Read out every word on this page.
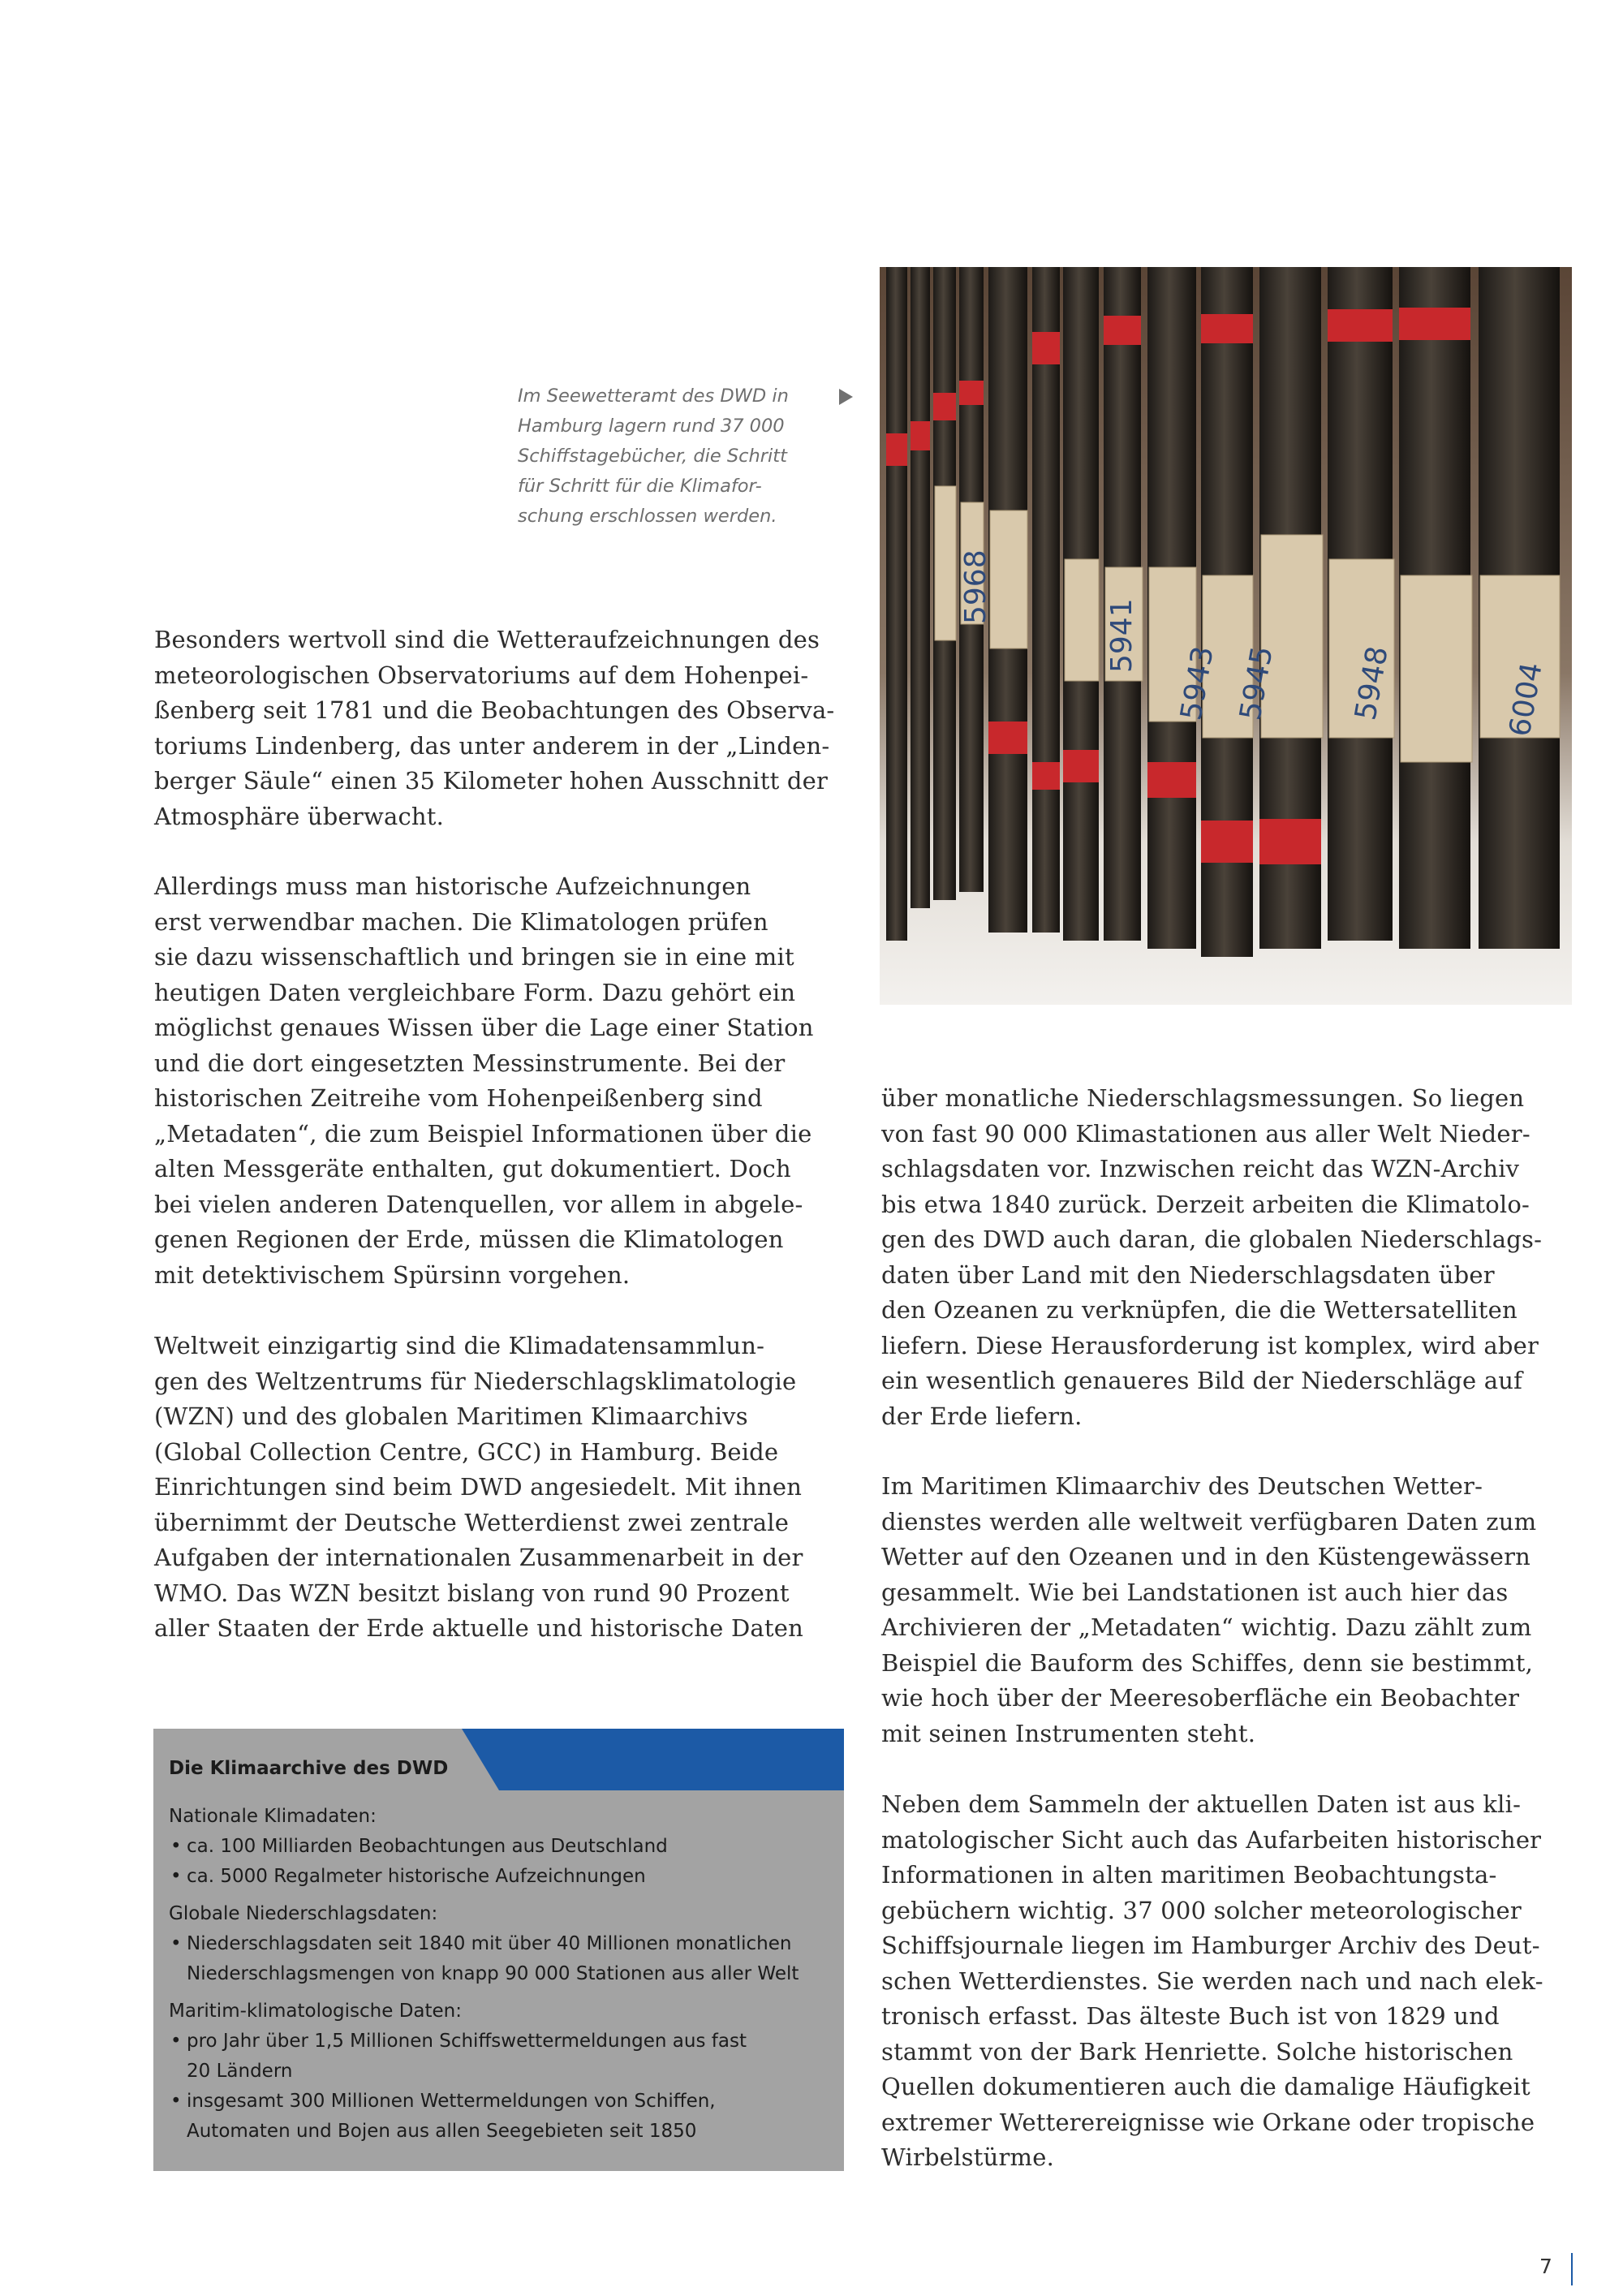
Im Seewetteramt des DWD in
Hamburg lagern rund 37 000
Schiffstagebücher, die Schritt
für Schritt für die Klimafor-
schung erschlossen werden.
5968
5941
5943 5945 5948	6004

Besonders wertvoll sind die Wetteraufzeichnungen des
meteorologischen Observatoriums auf dem Hohenpei-
ßenberg seit 1781 und die Beobachtungen des Observa-
toriums Lindenberg, das unter anderem in der „Linden-
berger Säule“ einen 35 Kilometer hohen Ausschnitt der
Atmosphäre überwacht.

Allerdings muss man historische Aufzeichnungen
erst verwendbar machen. Die Klimatologen prüfen
sie dazu wissenschaftlich und bringen sie in eine mit
heutigen Daten vergleichbare Form. Dazu gehört ein
möglichst genaues Wissen über die Lage einer Station
und die dort eingesetzten Messinstrumente. Bei der
historischen Zeitreihe vom Hohenpeißenberg sind
„Metadaten“, die zum Beispiel Informationen über die
alten Messgeräte enthalten, gut dokumentiert. Doch
bei vielen anderen Datenquellen, vor allem in abgele-
genen Regionen der Erde, müssen die Klimatologen
mit detektivischem Spürsinn vorgehen.

Weltweit einzigartig sind die Klimadatensammlun-
gen des Weltzentrums für Niederschlagsklimatologie
(WZN) und des globalen Maritimen Klimaarchivs
(Global Collection Centre, GCC) in Hamburg. Beide
Einrichtungen sind beim DWD angesiedelt. Mit ihnen
übernimmt der Deutsche Wetterdienst zwei zentrale
Aufgaben der internationalen Zusammenarbeit in der
WMO. Das WZN besitzt bislang von rund 90 Prozent
aller Staaten der Erde aktuelle und historische Daten

über monatliche Niederschlagsmessungen. So liegen
von fast 90 000 Klimastationen aus aller Welt Nieder-
schlagsdaten vor. Inzwischen reicht das WZN-Archiv
bis etwa 1840 zurück. Derzeit arbeiten die Klimatolo-
gen des DWD auch daran, die globalen Niederschlags-
daten über Land mit den Niederschlagsdaten über
den Ozeanen zu verknüpfen, die die Wettersatelliten
liefern. Diese Herausforderung ist komplex, wird aber
ein wesentlich genaueres Bild der Niederschläge auf
der Erde liefern.

Im Maritimen Klimaarchiv des Deutschen Wetter-
dienstes werden alle weltweit verfügbaren Daten zum
Wetter auf den Ozeanen und in den Küstengewässern
gesammelt. Wie bei Landstationen ist auch hier das
Archivieren der „Metadaten“ wichtig. Dazu zählt zum
Beispiel die Bauform des Schiffes, denn sie bestimmt,
wie hoch über der Meeresoberfläche ein Beobachter
mit seinen Instrumenten steht.

Neben dem Sammeln der aktuellen Daten ist aus kli-
matologischer Sicht auch das Aufarbeiten historischer
Informationen in alten maritimen Beobachtungsta-
gebüchern wichtig. 37 000 solcher meteorologischer
Schiffsjournale liegen im Hamburger Archiv des Deut-
schen Wetterdienstes. Sie werden nach und nach elek-
tronisch erfasst. Das älteste Buch ist von 1829 und
stammt von der Bark Henriette. Solche historischen
Quellen dokumentieren auch die damalige Häufigkeit
extremer Wetterereignisse wie Orkane oder tropische
Wirbelstürme.

Die Klimaarchive des DWD
Nationale Klimadaten:
• ca. 100 Milliarden Beobachtungen aus Deutschland
• ca. 5000 Regalmeter historische Aufzeichnungen
Globale Niederschlagsdaten:
• Niederschlagsdaten seit 1840 mit über 40 Millionen monatlichen
Niederschlagsmengen von knapp 90 000 Stationen aus aller Welt
Maritim-klimatologische Daten:
• pro Jahr über 1,5 Millionen Schiffswettermeldungen aus fast
20 Ländern
• insgesamt 300 Millionen Wettermeldungen von Schiffen,
Automaten und Bojen aus allen Seegebieten seit 1850
7
